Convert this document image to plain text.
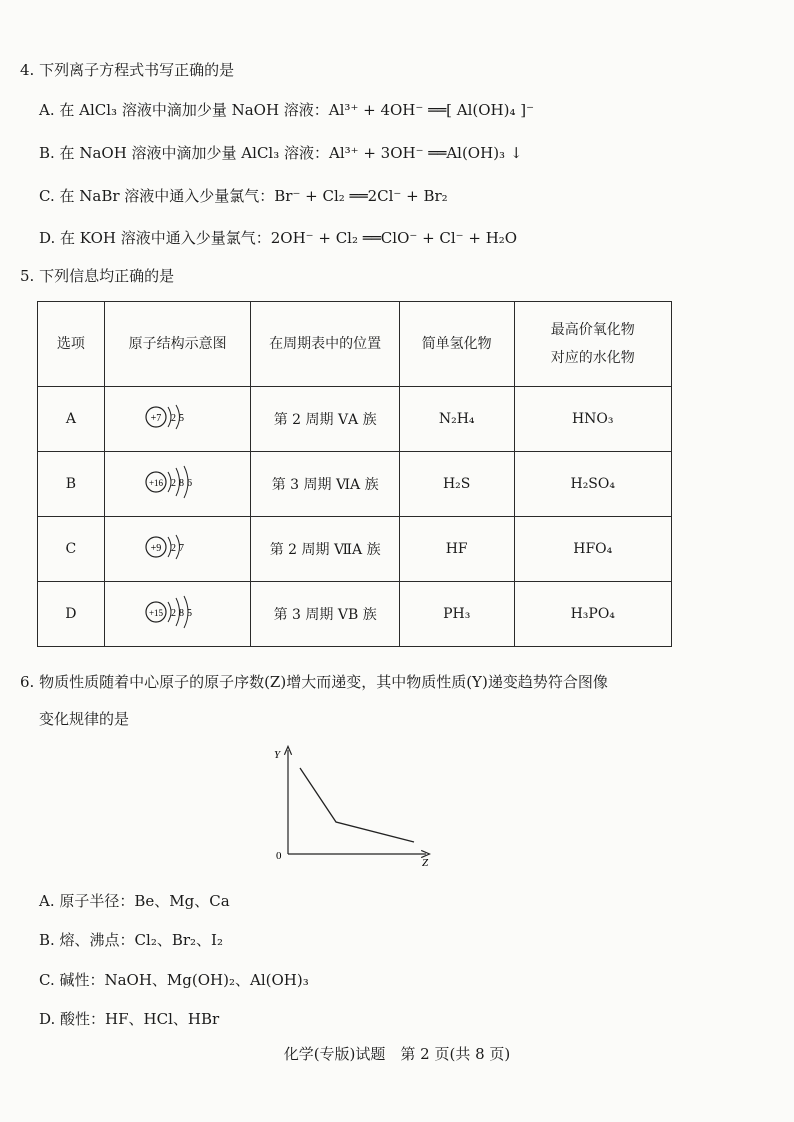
4. 下列离子方程式书写正确的是
A. 在 AlCl₃ 溶液中滴加少量 NaOH 溶液：Al³⁺ + 4OH⁻ ══[ Al(OH)₄ ]⁻
B. 在 NaOH 溶液中滴加少量 AlCl₃ 溶液：Al³⁺ + 3OH⁻ ══Al(OH)₃ ↓
C. 在 NaBr 溶液中通入少量氯气：Br⁻ + Cl₂ ══2Cl⁻ + Br₂
D. 在 KOH 溶液中通入少量氯气：2OH⁻ + Cl₂ ══ClO⁻ + Cl⁻ + H₂O
5. 下列信息均正确的是
选项	原子结构示意图	在周期表中的位置	简单氢化物	最高价氧化物
对应的水化物

A	+7 2 5	第 2 周期 ⅤA 族	N₂H₄	HNO₃
B	+16 2 8 6	第 3 周期 ⅥA 族	H₂S	H₂SO₄
C	+9 2 7	第 2 周期 ⅦA 族	HF	HFO₄
D	+15 2 8 5	第 3 周期 ⅤB 族	PH₃	H₃PO₄
6. 物质性质随着中心原子的原子序数(Z)增大而递变，其中物质性质(Y)递变趋势符合图像
变化规律的是
Y
Z
0
A. 原子半径：Be、Mg、Ca
B. 熔、沸点：Cl₂、Br₂、I₂
C. 碱性：NaOH、Mg(OH)₂、Al(OH)₃
D. 酸性：HF、HCl、HBr
化学(专版)试题　第 2 页(共 8 页)
